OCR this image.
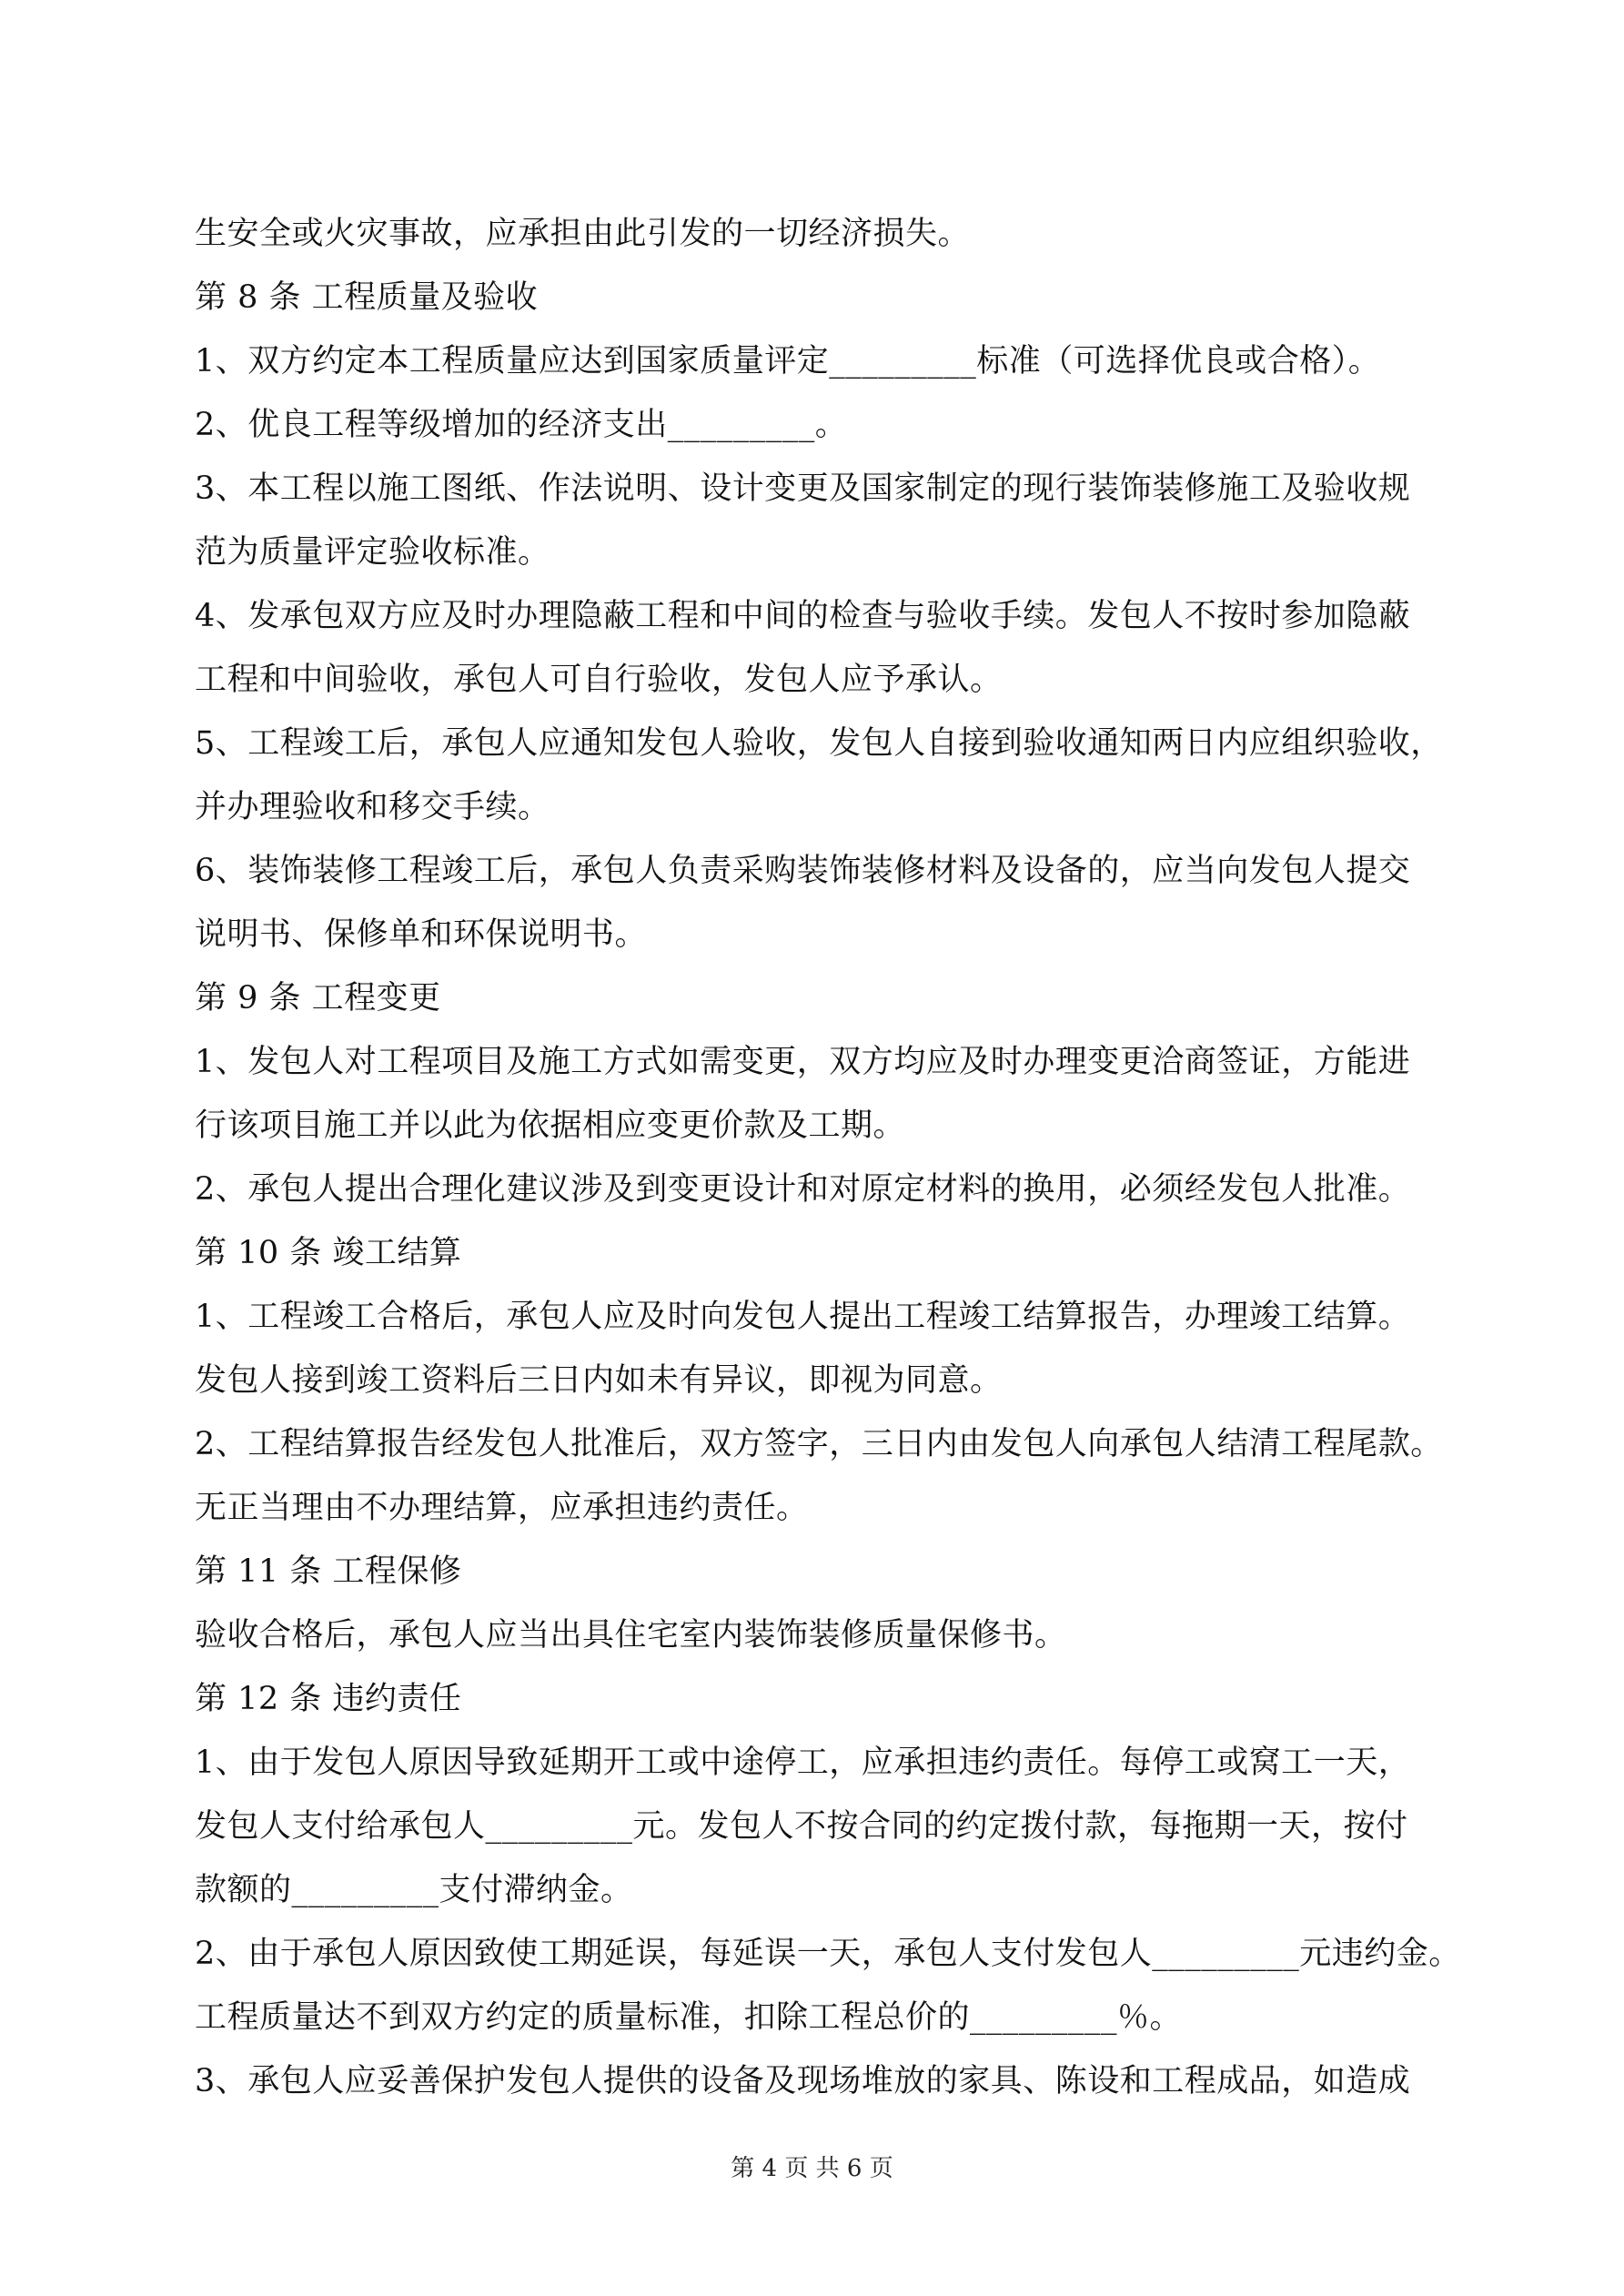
生安全或火灾事故，应承担由此引发的一切经济损失。
第 8 条 工程质量及验收
1、双方约定本工程质量应达到国家质量评定_________标准（可选择优良或合格）。
2、优良工程等级增加的经济支出_________。
3、本工程以施工图纸、作法说明、设计变更及国家制定的现行装饰装修施工及验收规
范为质量评定验收标准。
4、发承包双方应及时办理隐蔽工程和中间的检查与验收手续。发包人不按时参加隐蔽
工程和中间验收，承包人可自行验收，发包人应予承认。
5、工程竣工后，承包人应通知发包人验收，发包人自接到验收通知两日内应组织验收，
并办理验收和移交手续。
6、装饰装修工程竣工后，承包人负责采购装饰装修材料及设备的，应当向发包人提交
说明书、保修单和环保说明书。
第 9 条 工程变更
1、发包人对工程项目及施工方式如需变更，双方均应及时办理变更洽商签证，方能进
行该项目施工并以此为依据相应变更价款及工期。
2、承包人提出合理化建议涉及到变更设计和对原定材料的换用，必须经发包人批准。
第 10 条 竣工结算
1、工程竣工合格后，承包人应及时向发包人提出工程竣工结算报告，办理竣工结算。
发包人接到竣工资料后三日内如未有异议，即视为同意。
2、工程结算报告经发包人批准后，双方签字，三日内由发包人向承包人结清工程尾款。
无正当理由不办理结算，应承担违约责任。
第 11 条 工程保修
验收合格后，承包人应当出具住宅室内装饰装修质量保修书。
第 12 条 违约责任
1、由于发包人原因导致延期开工或中途停工，应承担违约责任。每停工或窝工一天，
发包人支付给承包人_________元。发包人不按合同的约定拨付款，每拖期一天，按付
款额的_________支付滞纳金。
2、由于承包人原因致使工期延误，每延误一天，承包人支付发包人_________元违约金。
工程质量达不到双方约定的质量标准，扣除工程总价的_________％。
3、承包人应妥善保护发包人提供的设备及现场堆放的家具、陈设和工程成品，如造成
第 4 页 共 6 页
